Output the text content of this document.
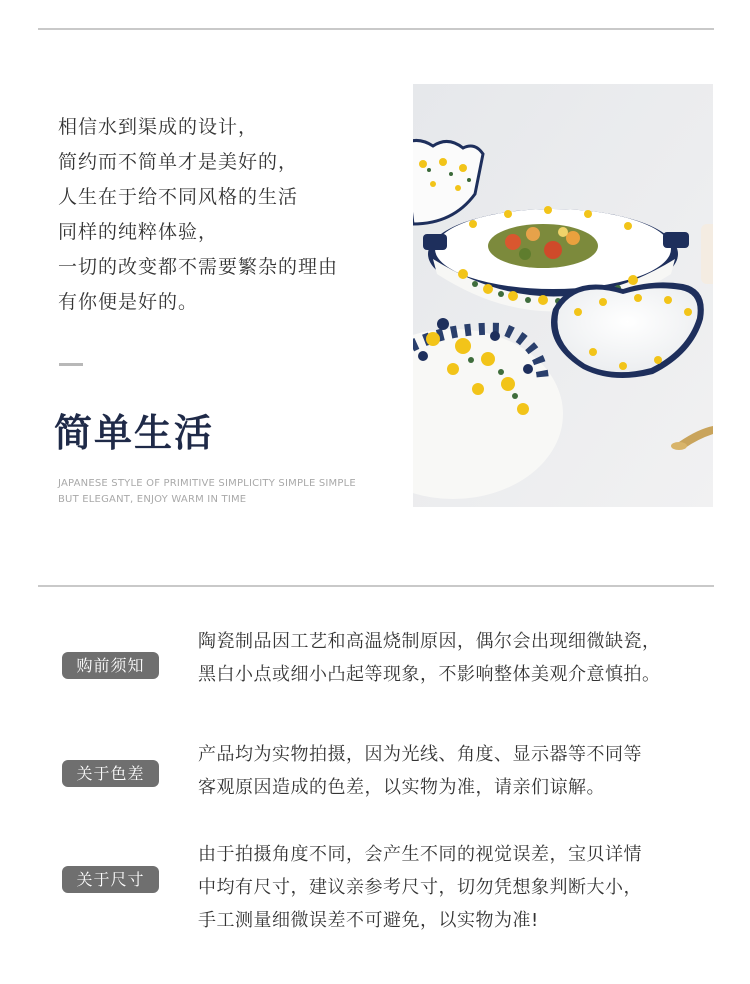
相信水到渠成的设计，

简约而不简单才是美好的，

人生在于给不同风格的生活

同样的纯粹体验，

一切的改变都不需要繁杂的理由

有你便是好的。

简单生活
JAPANESE STYLE OF PRIMITIVE SIMPLICITY SIMPLE SIMPLE
BUT ELEGANT, ENJOY WARM IN TIME
购前须知

陶瓷制品因工艺和高温烧制原因，偶尔会出现细微缺瓷，

黑白小点或细小凸起等现象，不影响整体美观介意慎拍。

关于色差

产品均为实物拍摄，因为光线、角度、显示器等不同等

客观原因造成的色差，以实物为准，请亲们谅解。

关于尺寸

由于拍摄角度不同，会产生不同的视觉误差，宝贝详情

中均有尺寸，建议亲参考尺寸，切勿凭想象判断大小，

手工测量细微误差不可避免，以实物为准!
